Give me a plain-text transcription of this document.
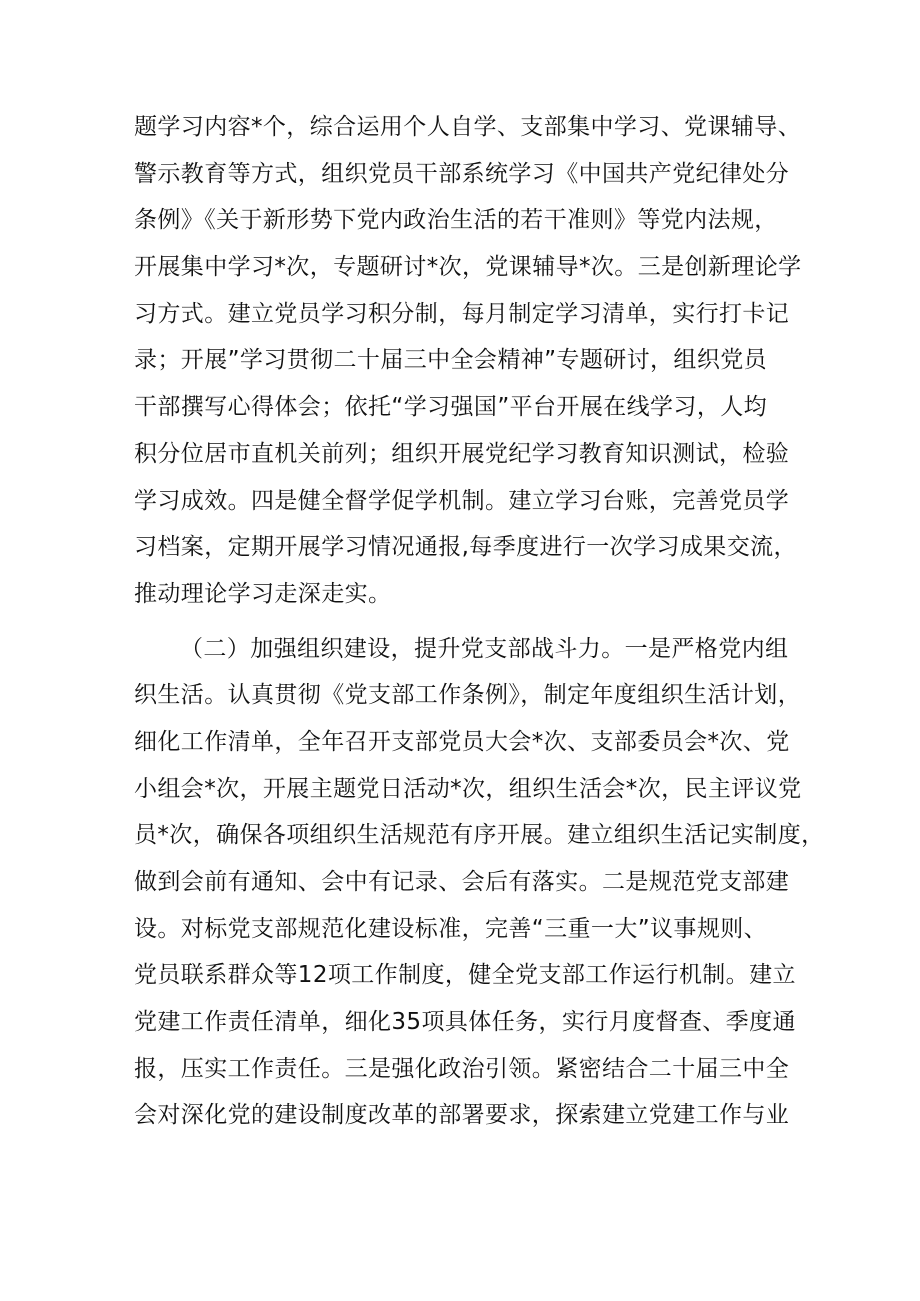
题学习内容*个，综合运用个人自学、支部集中学习、党课辅导、
警示教育等方式，组织党员干部系统学习《中国共产党纪律处分
条例》《关于新形势下党内政治生活的若干准则》等党内法规，
开展集中学习*次，专题研讨*次，党课辅导*次。三是创新理论学
习方式。建立党员学习积分制，每月制定学习清单，实行打卡记
录；开展”学习贯彻二十届三中全会精神”专题研讨，组织党员
干部撰写心得体会；依托“学习强国”平台开展在线学习，人均
积分位居市直机关前列；组织开展党纪学习教育知识测试，检验
学习成效。四是健全督学促学机制。建立学习台账，完善党员学
习档案，定期开展学习情况通报,每季度进行一次学习成果交流，
推动理论学习走深走实。
（二）加强组织建设，提升党支部战斗力。一是严格党内组
织生活。认真贯彻《党支部工作条例》，制定年度组织生活计划，
细化工作清单，全年召开支部党员大会*次、支部委员会*次、党
小组会*次，开展主题党日活动*次，组织生活会*次，民主评议党
员*次，确保各项组织生活规范有序开展。建立组织生活记实制度，
做到会前有通知、会中有记录、会后有落实。二是规范党支部建
设。对标党支部规范化建设标准，完善“三重一大”议事规则、
党员联系群众等12项工作制度，健全党支部工作运行机制。建立
党建工作责任清单，细化35项具体任务，实行月度督查、季度通
报，压实工作责任。三是强化政治引领。紧密结合二十届三中全
会对深化党的建设制度改革的部署要求，探索建立党建工作与业
